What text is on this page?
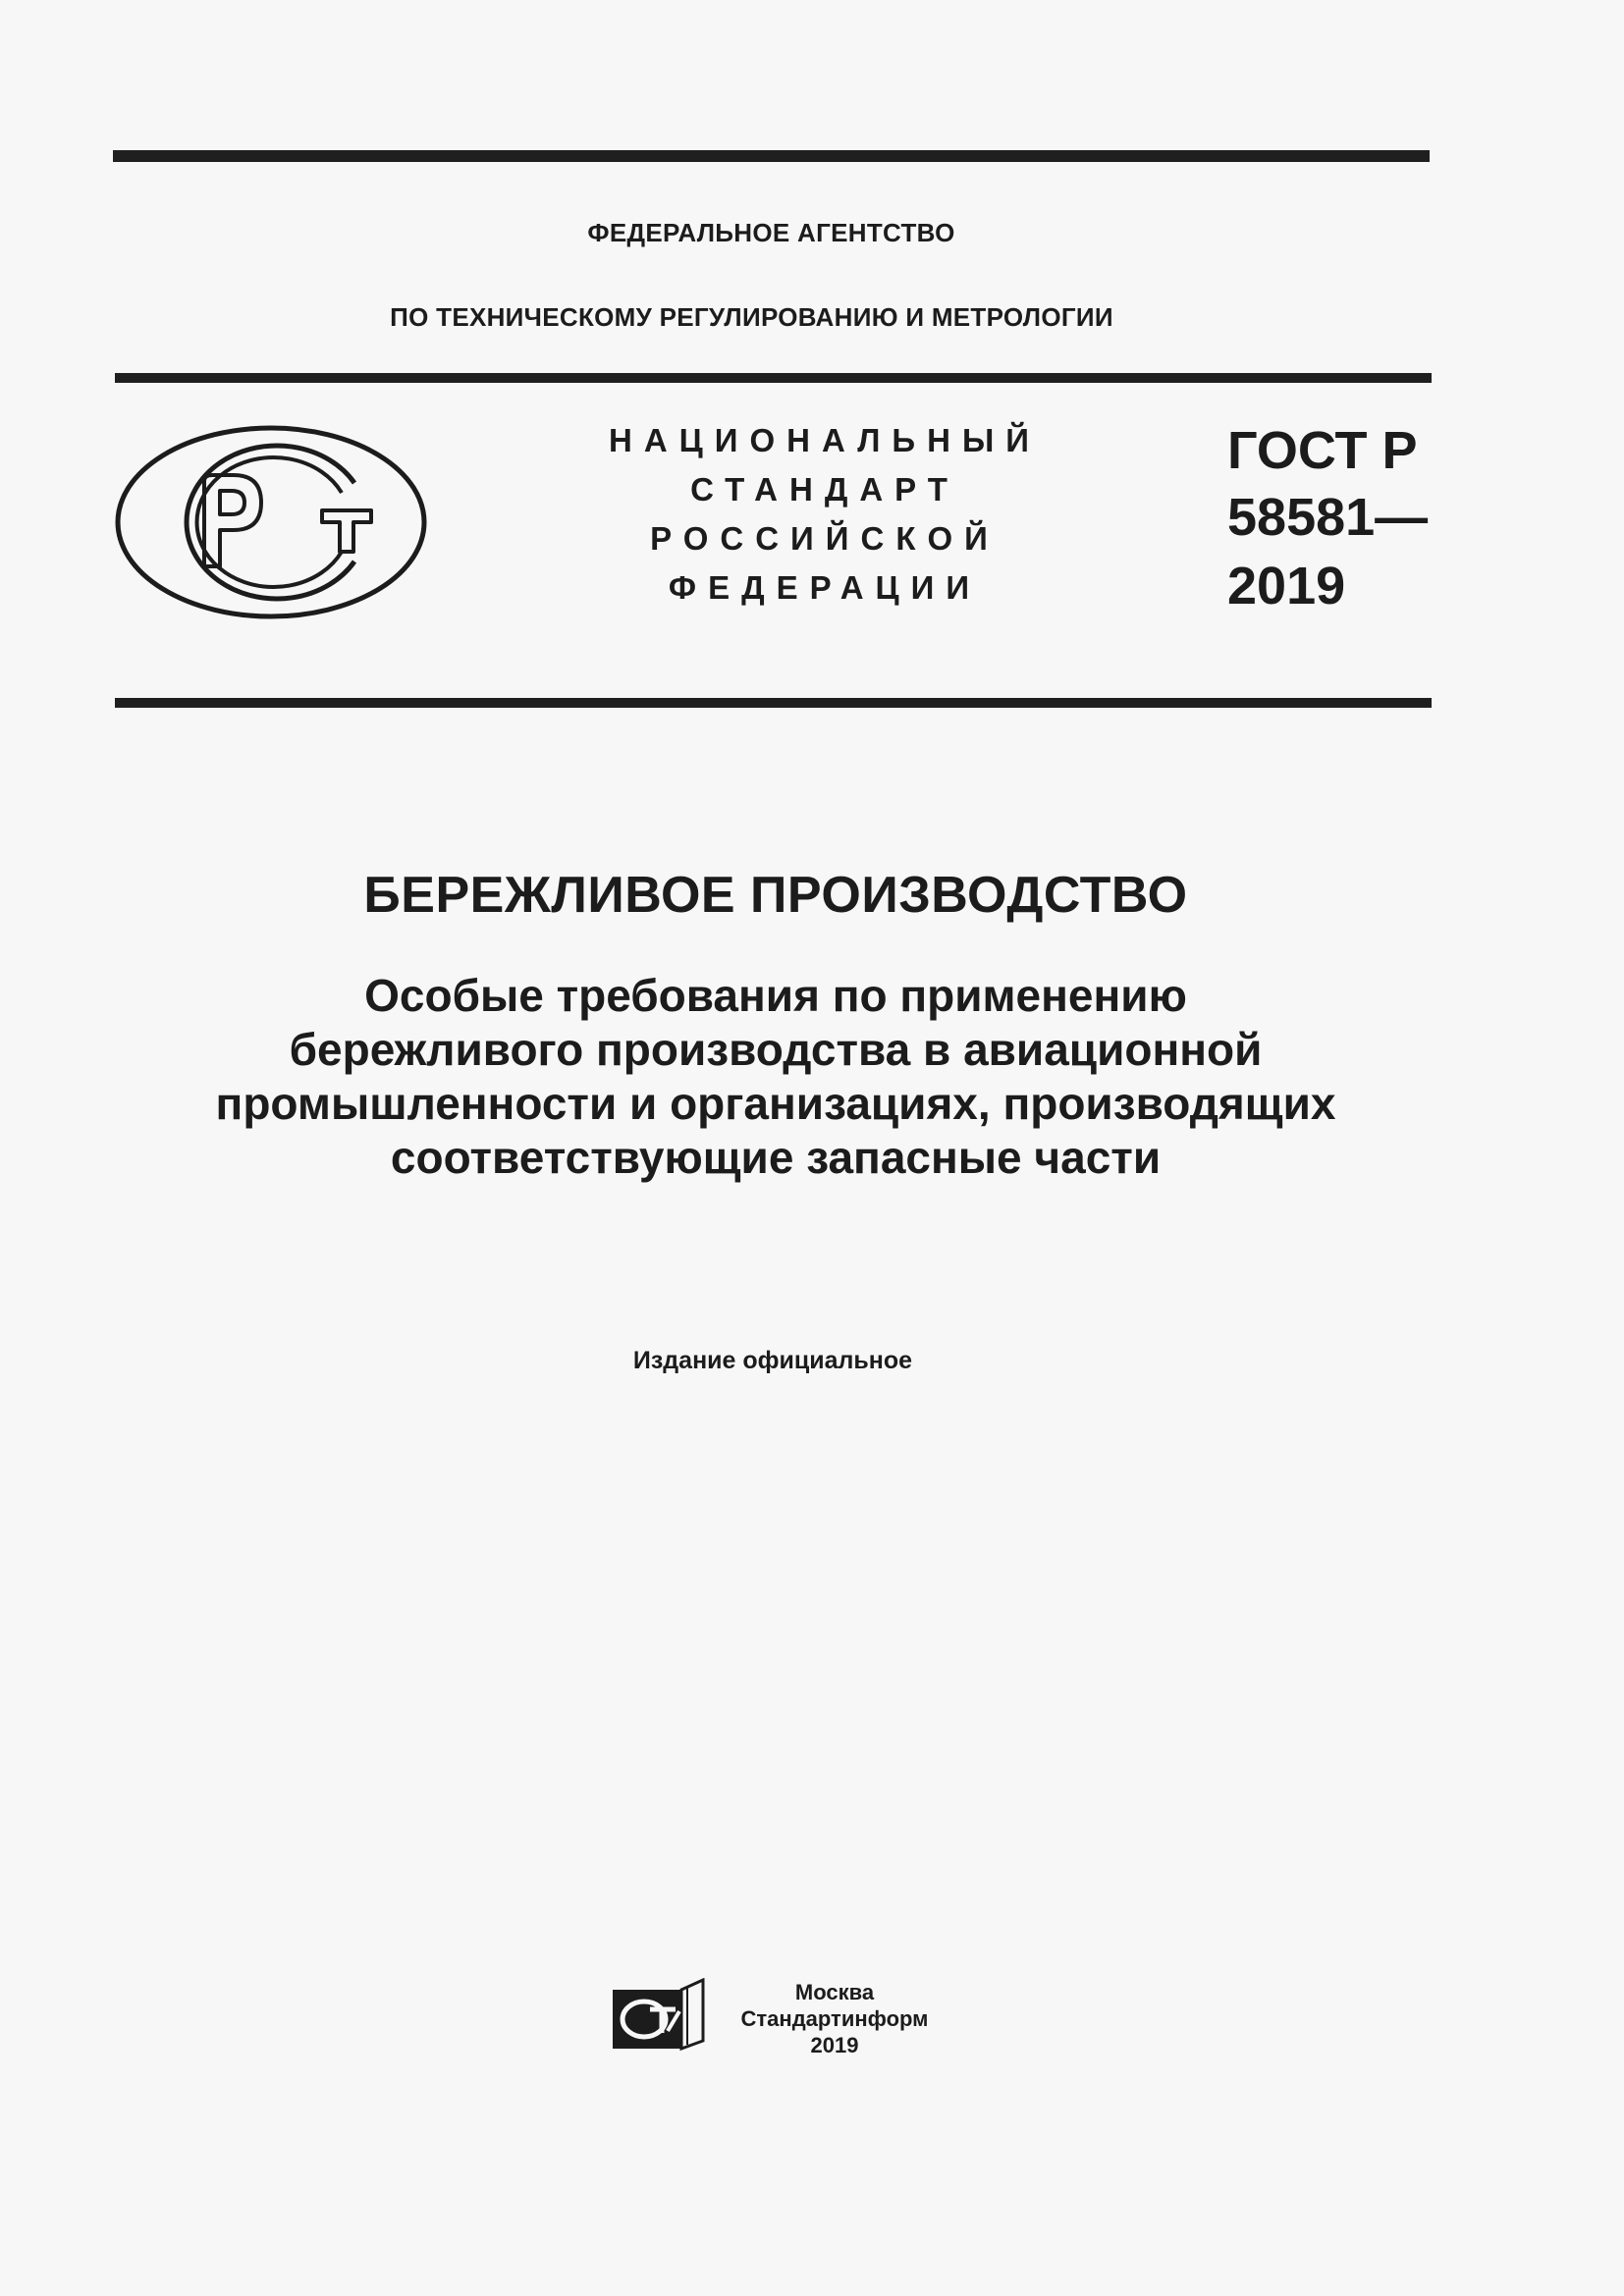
ФЕДЕРАЛЬНОЕ АГЕНТСТВО
ПО ТЕХНИЧЕСКОМУ РЕГУЛИРОВАНИЮ И МЕТРОЛОГИИ
НАЦИОНАЛЬНЫЙ
СТАНДАРТ
РОССИЙСКОЙ
ФЕДЕРАЦИИ
ГОСТ Р
58581—
2019
БЕРЕЖЛИВОЕ ПРОИЗВОДСТВО
Особые требования по применению
бережливого производства в авиационной
промышленности и организациях, производящих
соответствующие запасные части
Издание официальное
Москва
Стандартинформ
2019
